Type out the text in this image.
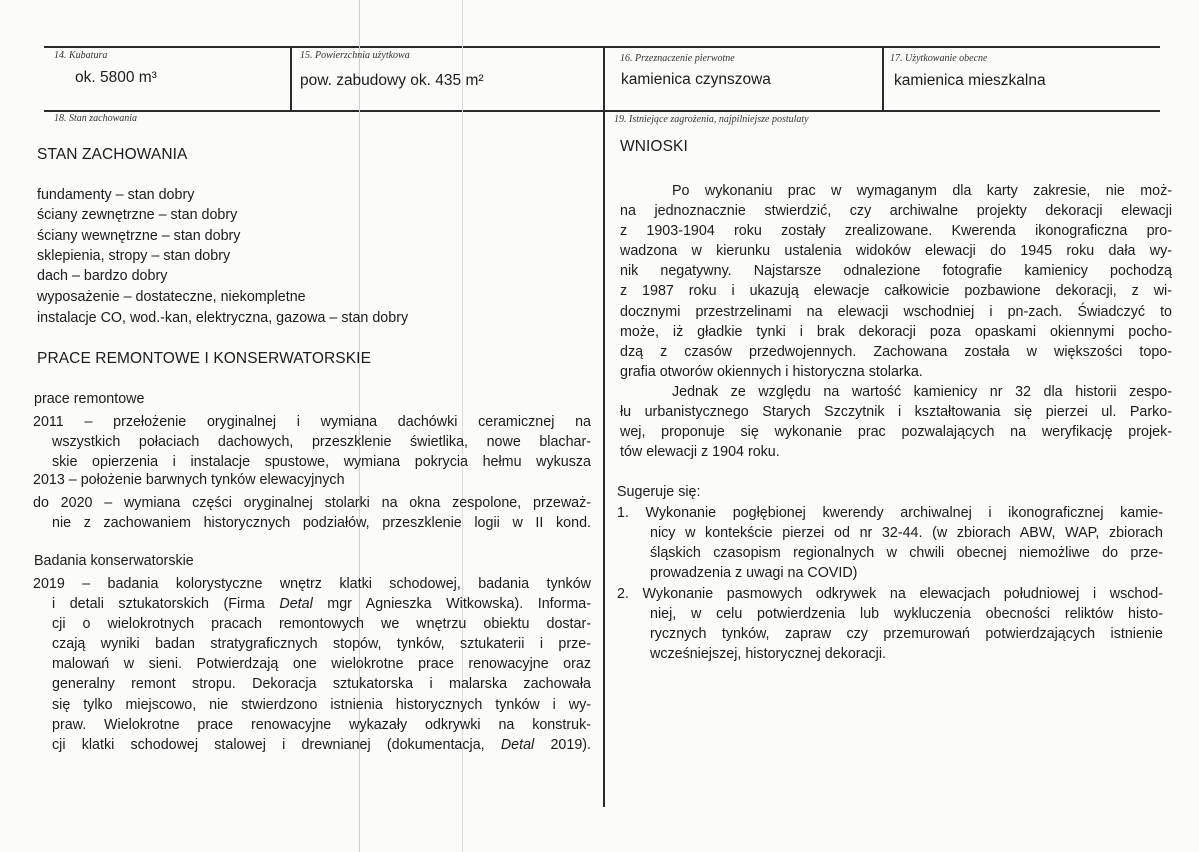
14. Kubatura
ok. 5800 m³
15. Powierzchnia użytkowa
pow. zabudowy ok. 435 m²
16. Przeznaczenie pierwotne
kamienica czynszowa
17. Użytkowanie obecne
kamienica mieszkalna
18. Stan zachowania	19. Istniejące zagrożenia, najpilniejsze postulaty
STAN ZACHOWANIA
fundamenty – stan dobry
ściany zewnętrzne – stan dobry
ściany wewnętrzne – stan dobry
sklepienia, stropy – stan dobry
dach – bardzo dobry
wyposażenie – dostateczne, niekompletne
instalacje CO, wod.-kan, elektryczna, gazowa – stan dobry
PRACE REMONTOWE I KONSERWATORSKIE
prace remontowe
2011 – przełożenie oryginalnej i wymiana dachówki ceramicznej na
wszystkich połaciach dachowych, przeszklenie świetlika, nowe blachar-
skie opierzenia i instalacje spustowe, wymiana pokrycia hełmu wykusza
2013 – położenie barwnych tynków elewacyjnych
do 2020 – wymiana części oryginalnej stolarki na okna zespolone, przeważ-
nie z zachowaniem historycznych podziałów, przeszklenie logii w II kond.
Badania konserwatorskie
2019 – badania kolorystyczne wnętrz klatki schodowej, badania tynków
i detali sztukatorskich (Firma Detal mgr Agnieszka Witkowska). Informa-
cji o wielokrotnych pracach remontowych we wnętrzu obiektu dostar-
czają wyniki badan stratygraficznych stopów, tynków, sztukaterii i prze-
malowań w sieni. Potwierdzają one wielokrotne prace renowacyjne oraz
generalny remont stropu. Dekoracja sztukatorska i malarska zachowała
się tylko miejscowo, nie stwierdzono istnienia historycznych tynków i wy-
praw. Wielokrotne prace renowacyjne wykazały odkrywki na konstruk-
cji klatki schodowej stalowej i drewnianej (dokumentacja, Detal 2019).
WNIOSKI
Po wykonaniu prac w wymaganym dla karty zakresie, nie moż-
na jednoznacznie stwierdzić, czy archiwalne projekty dekoracji elewacji
z 1903-1904 roku zostały zrealizowane. Kwerenda ikonograficzna pro-
wadzona w kierunku ustalenia widoków elewacji do 1945 roku dała wy-
nik negatywny. Najstarsze odnalezione fotografie kamienicy pochodzą
z 1987 roku i ukazują elewacje całkowicie pozbawione dekoracji, z wi-
docznymi przestrzelinami na elewacji wschodniej i pn-zach. Świadczyć to
może, iż gładkie tynki i brak dekoracji poza opaskami okiennymi pocho-
dzą z czasów przedwojennych. Zachowana została w większości topo-
grafia otworów okiennych i historyczna stolarka.
Jednak ze względu na wartość kamienicy nr 32 dla historii zespo-
łu urbanistycznego Starych Szczytnik i kształtowania się pierzei ul. Parko-
wej, proponuje się wykonanie prac pozwalających na weryfikację projek-
tów elewacji z 1904 roku.
Sugeruje się:
1. Wykonanie pogłębionej kwerendy archiwalnej i ikonograficznej kamie-
nicy w kontekście pierzei od nr 32-44. (w zbiorach ABW, WAP, zbiorach
śląskich czasopism regionalnych w chwili obecnej niemożliwe do prze-
prowadzenia z uwagi na COVID)
2. Wykonanie pasmowych odkrywek na elewacjach południowej i wschod-
niej, w celu potwierdzenia lub wykluczenia obecności reliktów histo-
rycznych tynków, zapraw czy przemurowań potwierdzających istnienie
wcześniejszej, historycznej dekoracji.
